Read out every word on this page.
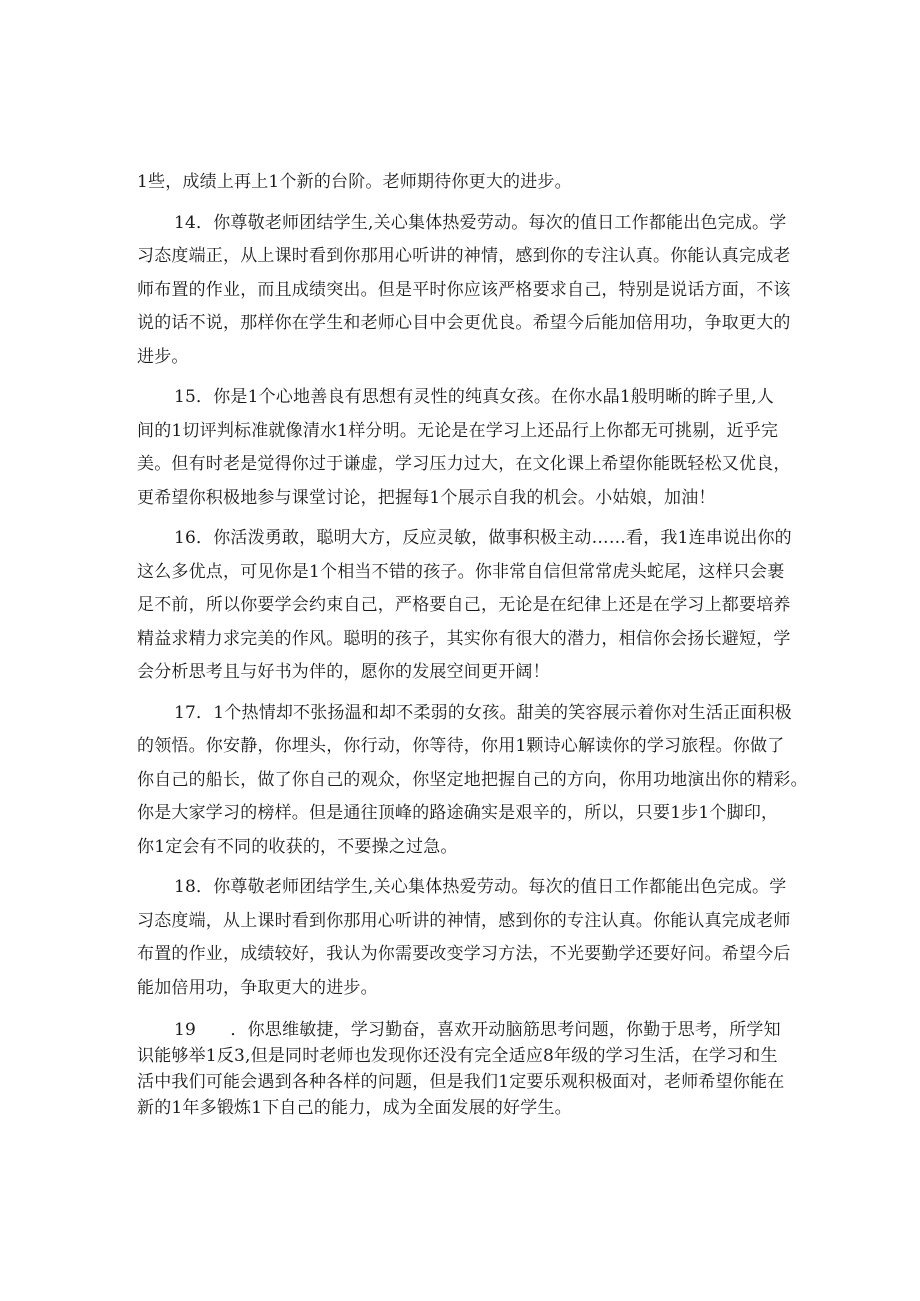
1些，成绩上再上1个新的台阶。老师期待你更大的进步。

14．你尊敬老师团结学生,关心集体热爱劳动。每次的值日工作都能出色完成。学
习态度端正，从上课时看到你那用心听讲的神情，感到你的专注认真。你能认真完成老
师布置的作业，而且成绩突出。但是平时你应该严格要求自己，特别是说话方面，不该
说的话不说，那样你在学生和老师心目中会更优良。希望今后能加倍用功，争取更大的
进步。

15．你是1个心地善良有思想有灵性的纯真女孩。在你水晶1般明晰的眸子里,人
间的1切评判标准就像清水1样分明。无论是在学习上还品行上你都无可挑剔，近乎完
美。但有时老是觉得你过于谦虚，学习压力过大，在文化课上希望你能既轻松又优良，
更希望你积极地参与课堂讨论，把握每1个展示自我的机会。小姑娘，加油！

16．你活泼勇敢，聪明大方，反应灵敏，做事积极主动……看，我1连串说出你的
这么多优点，可见你是1个相当不错的孩子。你非常自信但常常虎头蛇尾，这样只会裹
足不前，所以你要学会约束自己，严格要自己，无论是在纪律上还是在学习上都要培养
精益求精力求完美的作风。聪明的孩子，其实你有很大的潜力，相信你会扬长避短，学
会分析思考且与好书为伴的，愿你的发展空间更开阔！

17．1个热情却不张扬温和却不柔弱的女孩。甜美的笑容展示着你对生活正面积极
的领悟。你安静，你埋头，你行动，你等待，你用1颗诗心解读你的学习旅程。你做了
你自己的船长，做了你自己的观众，你坚定地把握自己的方向，你用功地演出你的精彩。
你是大家学习的榜样。但是通往顶峰的路途确实是艰辛的，所以，只要1步1个脚印，
你1定会有不同的收获的，不要操之过急。

18．你尊敬老师团结学生,关心集体热爱劳动。每次的值日工作都能出色完成。学
习态度端，从上课时看到你那用心听讲的神情，感到你的专注认真。你能认真完成老师
布置的作业，成绩较好，我认为你需要改变学习方法，不光要勤学还要好问。希望今后
能加倍用功，争取更大的进步。

19　　．你思维敏捷，学习勤奋，喜欢开动脑筋思考问题，你勤于思考，所学知
识能够举1反3,但是同时老师也发现你还没有完全适应8年级的学习生活，在学习和生
活中我们可能会遇到各种各样的问题，但是我们1定要乐观积极面对，老师希望你能在
新的1年多锻炼1下自己的能力，成为全面发展的好学生。
